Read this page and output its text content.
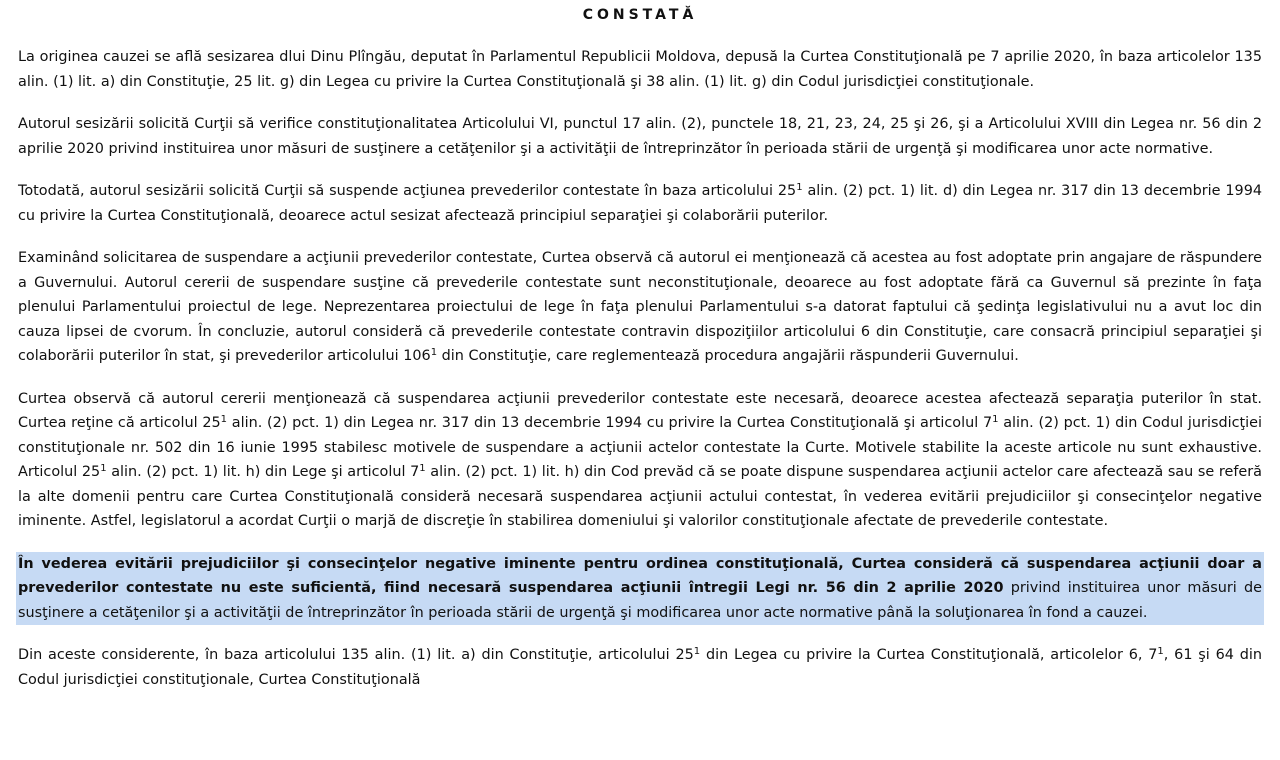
CONSTATĂ

La originea cauzei se află sesizarea dlui Dinu Plîngău, deputat în Parlamentul Republicii Moldova, depusă la Curtea Constituţională pe 7 aprilie 2020, în baza articolelor 135 alin. (1) lit. a) din Constituţie, 25 lit. g) din Legea cu privire la Curtea Constituţională şi 38 alin. (1) lit. g) din Codul jurisdicţiei constituţionale.

Autorul sesizării solicită Curţii să verifice constituţionalitatea Articolului VI, punctul 17 alin. (2), punctele 18, 21, 23, 24, 25 şi 26, şi a Articolului XVIII din Legea nr. 56 din 2 aprilie 2020 privind instituirea unor măsuri de susţinere a cetăţenilor şi a activităţii de întreprinzător în perioada stării de urgenţă şi modificarea unor acte normative.

Totodată, autorul sesizării solicită Curţii să suspende acţiunea prevederilor contestate în baza articolului $25^1$ alin. (2) pct. 1) lit. d) din Legea nr. 317 din 13 decembrie 1994 cu privire la Curtea Constituţională, deoarece actul sesizat afectează principiul separaţiei şi colaborării puterilor.

Examinând solicitarea de suspendare a acţiunii prevederilor contestate, Curtea observă că autorul ei menţionează că acestea au fost adoptate prin angajare de răspundere a Guvernului. Autorul cererii de suspendare susţine că prevederile contestate sunt neconstituţionale, deoarece au fost adoptate fără ca Guvernul să prezinte în faţa plenului Parlamentului proiectul de lege. Neprezentarea proiectului de lege în faţa plenului Parlamentului s-a datorat faptului că şedinţa legislativului nu a avut loc din cauza lipsei de cvorum. În concluzie, autorul consideră că prevederile contestate contravin dispoziţiilor articolului 6 din Constituţie, care consacră principiul separaţiei şi colaborării puterilor în stat, şi prevederilor articolului $106^1$ din Constituţie, care reglementează procedura angajării răspunderii Guvernului.

Curtea observă că autorul cererii menţionează că suspendarea acţiunii prevederilor contestate este necesară, deoarece acestea afectează separaţia puterilor în stat. Curtea reţine că articolul $25^1$ alin. (2) pct. 1) din Legea nr. 317 din 13 decembrie 1994 cu privire la Curtea Constituţională şi articolul $7^1$ alin. (2) pct. 1) din Codul jurisdicţiei constituţionale nr. 502 din 16 iunie 1995 stabilesc motivele de suspendare a acţiunii actelor contestate la Curte. Motivele stabilite la aceste articole nu sunt exhaustive. Articolul $25^1$ alin. (2) pct. 1) lit. h) din Lege şi articolul $7^1$ alin. (2) pct. 1) lit. h) din Cod prevăd că se poate dispune suspendarea acţiunii actelor care afectează sau se referă la alte domenii pentru care Curtea Constituţională consideră necesară suspendarea acţiunii actului contestat, în vederea evitării prejudiciilor şi consecinţelor negative iminente. Astfel, legislatorul a acordat Curţii o marjă de discreţie în stabilirea domeniului şi valorilor constituţionale afectate de prevederile contestate.

În vederea evitării prejudiciilor şi consecinţelor negative iminente pentru ordinea constituţională, Curtea consideră că suspendarea acţiunii doar a prevederilor contestate nu este suficientă, fiind necesară suspendarea acţiunii întregii Legi nr. 56 din 2 aprilie 2020 privind instituirea unor măsuri de susţinere a cetăţenilor şi a activităţii de întreprinzător în perioada stării de urgenţă şi modificarea unor acte normative până la soluţionarea în fond a cauzei.

Din aceste considerente, în baza articolului 135 alin. (1) lit. a) din Constituţie, articolului $25^1$ din Legea cu privire la Curtea Constituţională, articolelor 6, $7^1$, 61 şi 64 din Codul jurisdicţiei constituţionale, Curtea Constituţională
